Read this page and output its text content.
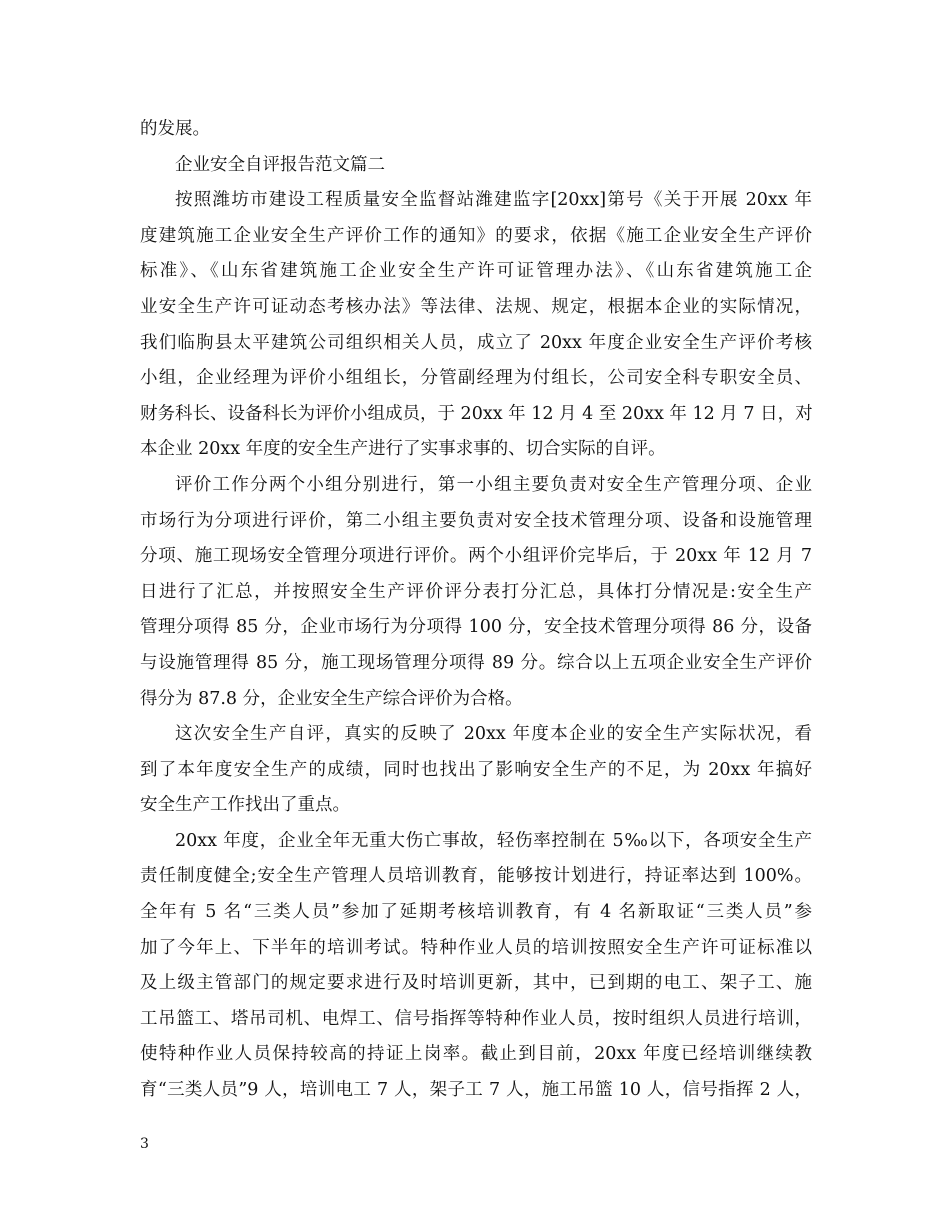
的发展。
企业安全自评报告范文篇二
按照潍坊市建设工程质量安全监督站潍建监字[20xx]第号《关于开展 20xx 年
度建筑施工企业安全生产评价工作的通知》的要求，依据《施工企业安全生产评价
标准》、《山东省建筑施工企业安全生产许可证管理办法》、《山东省建筑施工企
业安全生产许可证动态考核办法》等法律、法规、规定，根据本企业的实际情况，
我们临朐县太平建筑公司组织相关人员，成立了 20xx 年度企业安全生产评价考核
小组，企业经理为评价小组组长，分管副经理为付组长，公司安全科专职安全员、
财务科长、设备科长为评价小组成员，于 20xx 年 12 月 4 至 20xx 年 12 月 7 日，对
本企业 20xx 年度的安全生产进行了实事求事的、切合实际的自评。
评价工作分两个小组分别进行，第一小组主要负责对安全生产管理分项、企业
市场行为分项进行评价，第二小组主要负责对安全技术管理分项、设备和设施管理
分项、施工现场安全管理分项进行评价。两个小组评价完毕后，于 20xx 年 12 月 7
日进行了汇总，并按照安全生产评价评分表打分汇总，具体打分情况是:安全生产
管理分项得 85 分，企业市场行为分项得 100 分，安全技术管理分项得 86 分，设备
与设施管理得 85 分，施工现场管理分项得 89 分。综合以上五项企业安全生产评价
得分为 87.8 分，企业安全生产综合评价为合格。
这次安全生产自评，真实的反映了 20xx 年度本企业的安全生产实际状况，看
到了本年度安全生产的成绩，同时也找出了影响安全生产的不足，为 20xx 年搞好
安全生产工作找出了重点。
20xx 年度，企业全年无重大伤亡事故，轻伤率控制在 5‰以下，各项安全生产
责任制度健全;安全生产管理人员培训教育，能够按计划进行，持证率达到 100%。
全年有 5 名“三类人员”参加了延期考核培训教育，有 4 名新取证“三类人员”参
加了今年上、下半年的培训考试。特种作业人员的培训按照安全生产许可证标准以
及上级主管部门的规定要求进行及时培训更新，其中，已到期的电工、架子工、施
工吊篮工、塔吊司机、电焊工、信号指挥等特种作业人员，按时组织人员进行培训，
使特种作业人员保持较高的持证上岗率。截止到目前，20xx 年度已经培训继续教
育“三类人员”9 人，培训电工 7 人，架子工 7 人，施工吊篮 10 人，信号指挥 2 人，
3
